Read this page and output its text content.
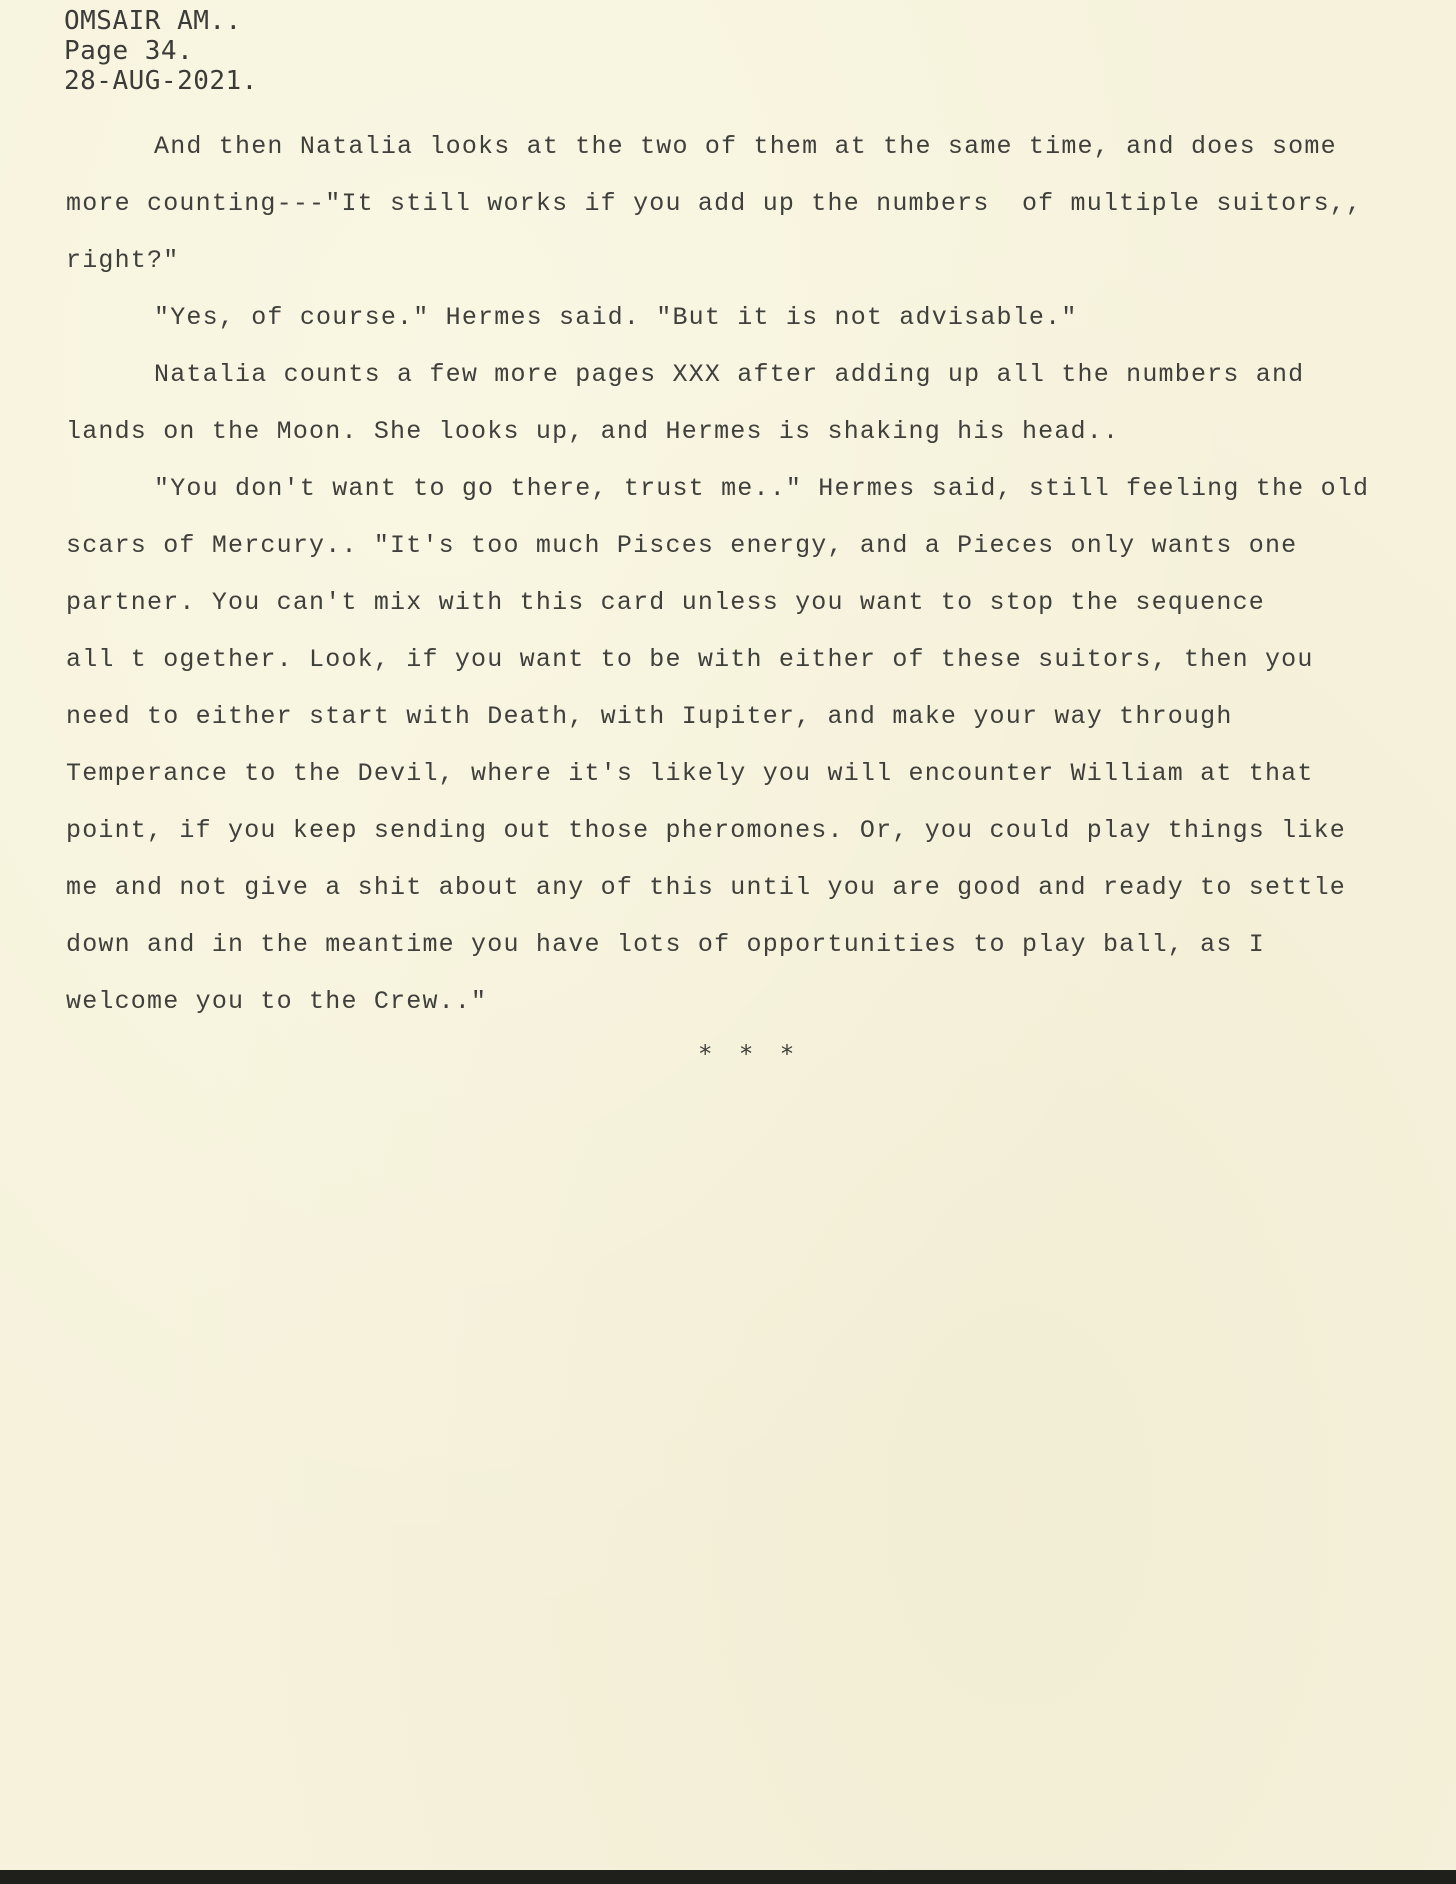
OMSAIR AM..
Page 34.
28-AUG-2021.
And then Natalia looks at the two of them at the same time, and does some
more counting---"It still works if you add up the numbers  of multiple suitors,,
right?"
"Yes, of course." Hermes said. "But it is not advisable."
Natalia counts a few more pages XXX after adding up all the numbers and
lands on the Moon. She looks up, and Hermes is shaking his head..
"You don't want to go there, trust me.." Hermes said, still feeling the old
scars of Mercury.. "It's too much Pisces energy, and a Pieces only wants one
partner. You can't mix with this card unless you want to stop the sequence
all t ogether. Look, if you want to be with either of these suitors, then you
need to either start with Death, with Iupiter, and make your way through
Temperance to the Devil, where it's likely you will encounter William at that
point, if you keep sending out those pheromones. Or, you could play things like
me and not give a shit about any of this until you are good and ready to settle
down and in the meantime you have lots of opportunities to play ball, as I
welcome you to the Crew.."
* * *
